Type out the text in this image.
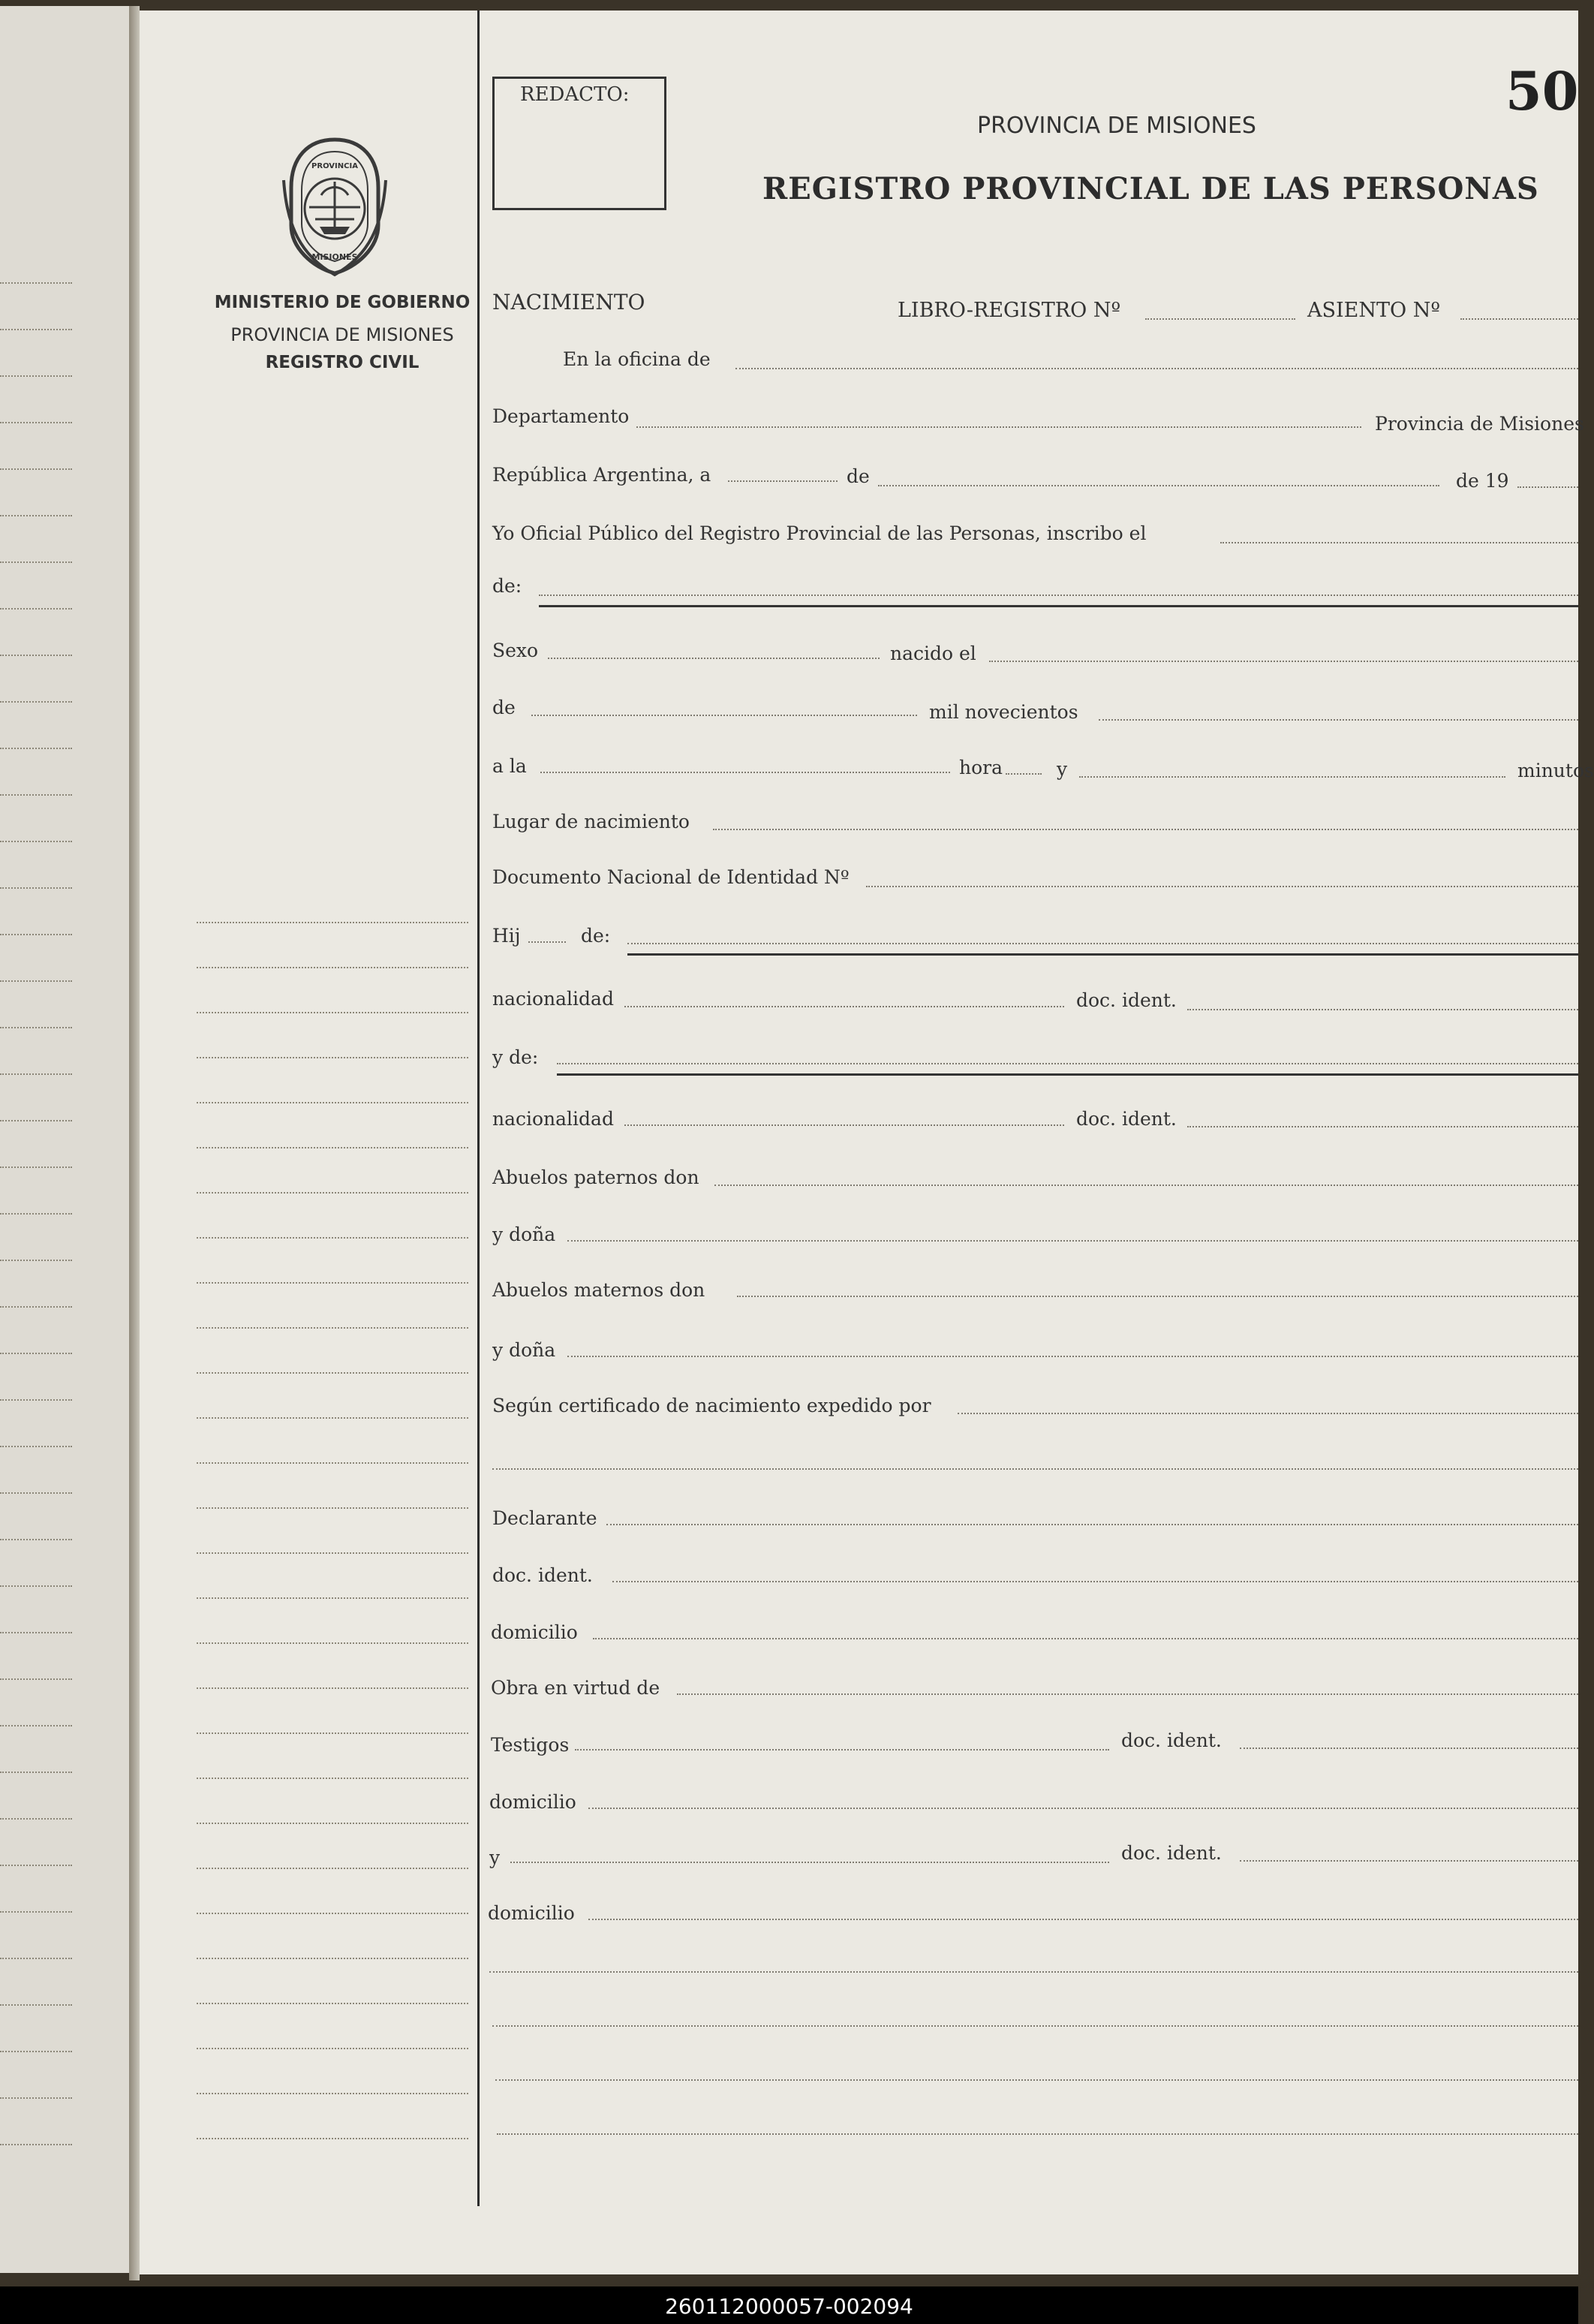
PROVINCIA
MISIONES
MINISTERIO DE GOBIERNO
PROVINCIA DE MISIONES
REGISTRO CIVIL
REDACTO:	50
PROVINCIA DE MISIONES
REGISTRO PROVINCIAL DE LAS PERSONAS
NACIMIENTO	LIBRO-REGISTRO Nº	ASIENTO Nº
En la oficina de
Departamento	Provincia de Misiones
República Argentina, a	de	de 19
Yo Oficial Público del Registro Provincial de las Personas, inscribo el
de:
Sexo	nacido el
de	mil novecientos
a la	hora	y	minutos
Lugar de nacimiento
Documento Nacional de Identidad Nº
Hij	de:
nacionalidad	doc. ident.
y de:
nacionalidad	doc. ident.
Abuelos paternos don
y doña
Abuelos maternos don
y doña
Según certificado de nacimiento expedido por
Declarante
doc. ident.
domicilio
Obra en virtud de
Testigos	doc. ident.
domicilio
y	doc. ident.
domicilio
260112000057-002094
